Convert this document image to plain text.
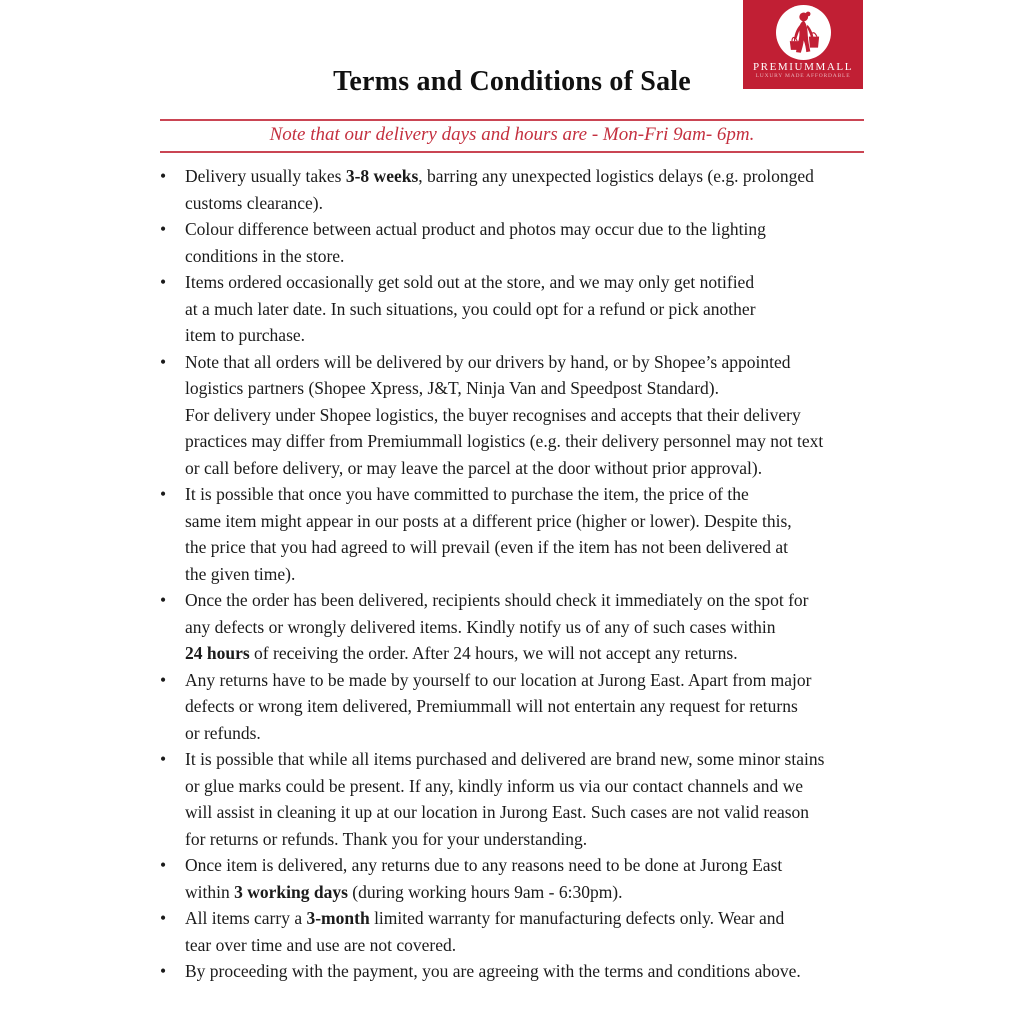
PREMIUMMALL
LUXURY MADE AFFORDABLE
Terms and Conditions of Sale
Note that our delivery days and hours are - Mon-Fri 9am- 6pm.
•	Delivery usually takes 3-8 weeks, barring any unexpected logistics delays (e.g. prolonged
customs clearance).
•	Colour difference between actual product and photos may occur due to the lighting
conditions in the store.
•	Items ordered occasionally get sold out at the store, and we may only get notified
at a much later date. In such situations, you could opt for a refund or pick another
item to purchase.
•	Note that all orders will be delivered by our drivers by hand, or by Shopee’s appointed
logistics partners (Shopee Xpress, J&T, Ninja Van and Speedpost Standard).
For delivery under Shopee logistics, the buyer recognises and accepts that their delivery
practices may differ from Premiummall logistics (e.g. their delivery personnel may not text
or call before delivery, or may leave the parcel at the door without prior approval).
•	It is possible that once you have committed to purchase the item, the price of the
same item might appear in our posts at a different price (higher or lower). Despite this,
the price that you had agreed to will prevail (even if the item has not been delivered at
the given time).
•	Once the order has been delivered, recipients should check it immediately on the spot for
any defects or wrongly delivered items. Kindly notify us of any of such cases within
24 hours of receiving the order. After 24 hours, we will not accept any returns.
•	Any returns have to be made by yourself to our location at Jurong East. Apart from major
defects or wrong item delivered, Premiummall will not entertain any request for returns
or refunds.
•	It is possible that while all items purchased and delivered are brand new, some minor stains
or glue marks could be present. If any, kindly inform us via our contact channels and we
will assist in cleaning it up at our location in Jurong East. Such cases are not valid reason
for returns or refunds. Thank you for your understanding.
•	Once item is delivered, any returns due to any reasons need to be done at Jurong East
within 3 working days (during working hours 9am - 6:30pm).
•	All items carry a 3-month limited warranty for manufacturing defects only. Wear and
tear over time and use are not covered.
•	By proceeding with the payment, you are agreeing with the terms and conditions above.
